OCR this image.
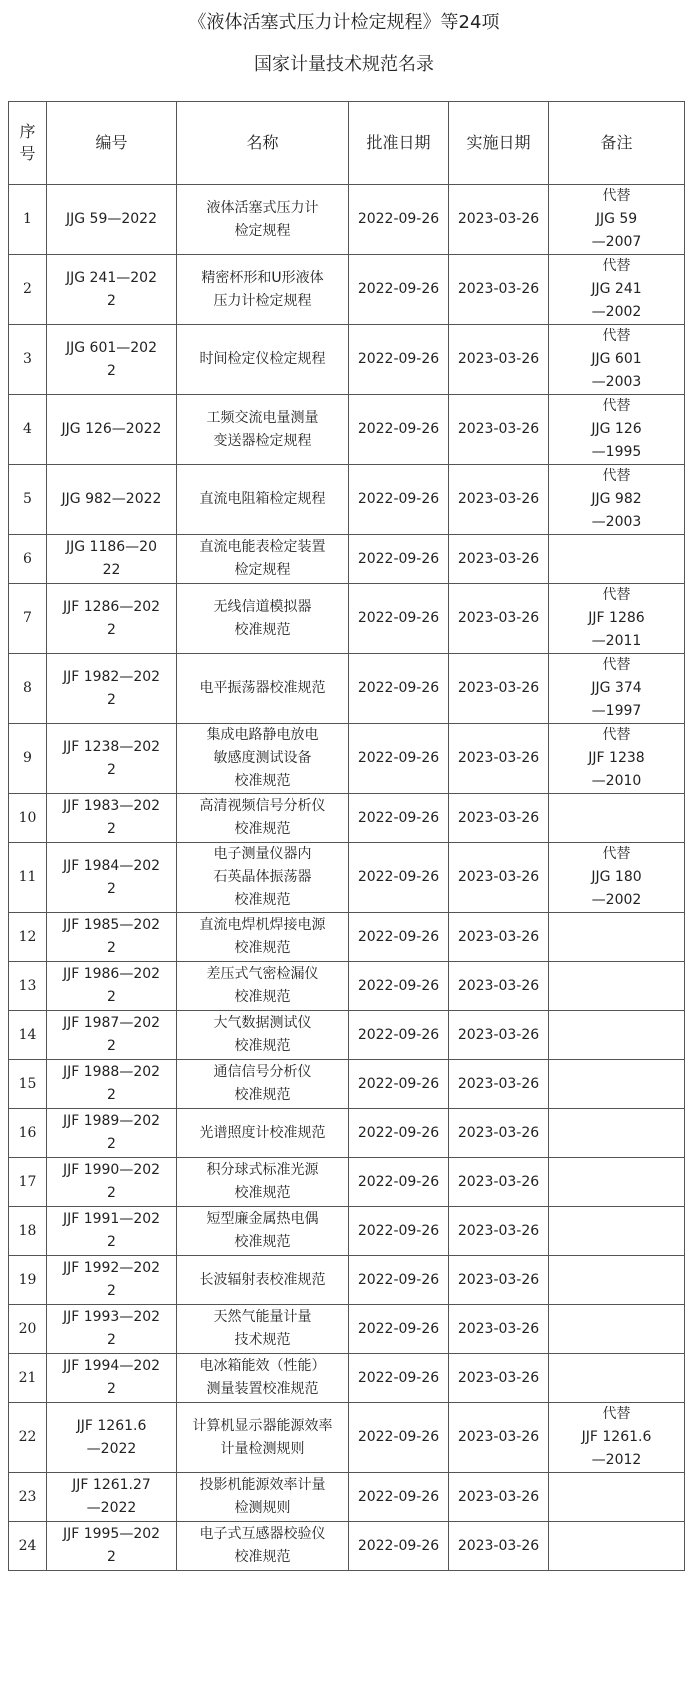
《液体活塞式压力计检定规程》等24项
国家计量技术规范名录
序
号	编号	名称	批准日期	实施日期	备注
1	JJG 59—2022	液体活塞式压力计
检定规程	2022-09-26	2023-03-26	代替
JJG 59
—2007
2	JJG 241—202
2	精密杯形和U形液体
压力计检定规程	2022-09-26	2023-03-26	代替
JJG 241
—2002
3	JJG 601—202
2	时间检定仪检定规程	2022-09-26	2023-03-26	代替
JJG 601
—2003
4	JJG 126—2022	工频交流电量测量
变送器检定规程	2022-09-26	2023-03-26	代替
JJG 126
—1995
5	JJG 982—2022	直流电阻箱检定规程	2022-09-26	2023-03-26	代替
JJG 982
—2003
6	JJG 1186—20
22	直流电能表检定装置
检定规程	2022-09-26	2023-03-26	
7	JJF 1286—202
2	无线信道模拟器
校准规范	2022-09-26	2023-03-26	代替
JJF 1286
—2011
8	JJF 1982—202
2	电平振荡器校准规范	2022-09-26	2023-03-26	代替
JJG 374
—1997
9	JJF 1238—202
2	集成电路静电放电
敏感度测试设备
校准规范	2022-09-26	2023-03-26	代替
JJF 1238
—2010
10	JJF 1983—202
2	高清视频信号分析仪
校准规范	2022-09-26	2023-03-26	
11	JJF 1984—202
2	电子测量仪器内
石英晶体振荡器
校准规范	2022-09-26	2023-03-26	代替
JJG 180
—2002
12	JJF 1985—202
2	直流电焊机焊接电源
校准规范	2022-09-26	2023-03-26	
13	JJF 1986—202
2	差压式气密检漏仪
校准规范	2022-09-26	2023-03-26	
14	JJF 1987—202
2	大气数据测试仪
校准规范	2022-09-26	2023-03-26	
15	JJF 1988—202
2	通信信号分析仪
校准规范	2022-09-26	2023-03-26	
16	JJF 1989—202
2	光谱照度计校准规范	2022-09-26	2023-03-26	
17	JJF 1990—202
2	积分球式标准光源
校准规范	2022-09-26	2023-03-26	
18	JJF 1991—202
2	短型廉金属热电偶
校准规范	2022-09-26	2023-03-26	
19	JJF 1992—202
2	长波辐射表校准规范	2022-09-26	2023-03-26	
20	JJF 1993—202
2	天然气能量计量
技术规范	2022-09-26	2023-03-26	
21	JJF 1994—202
2	电冰箱能效（性能）
测量装置校准规范	2022-09-26	2023-03-26	
22	JJF 1261.6
—2022	计算机显示器能源效率
计量检测规则	2022-09-26	2023-03-26	代替
JJF 1261.6
—2012
23	JJF 1261.27
—2022	投影机能源效率计量
检测规则	2022-09-26	2023-03-26	
24	JJF 1995—202
2	电子式互感器校验仪
校准规范	2022-09-26	2023-03-26	
